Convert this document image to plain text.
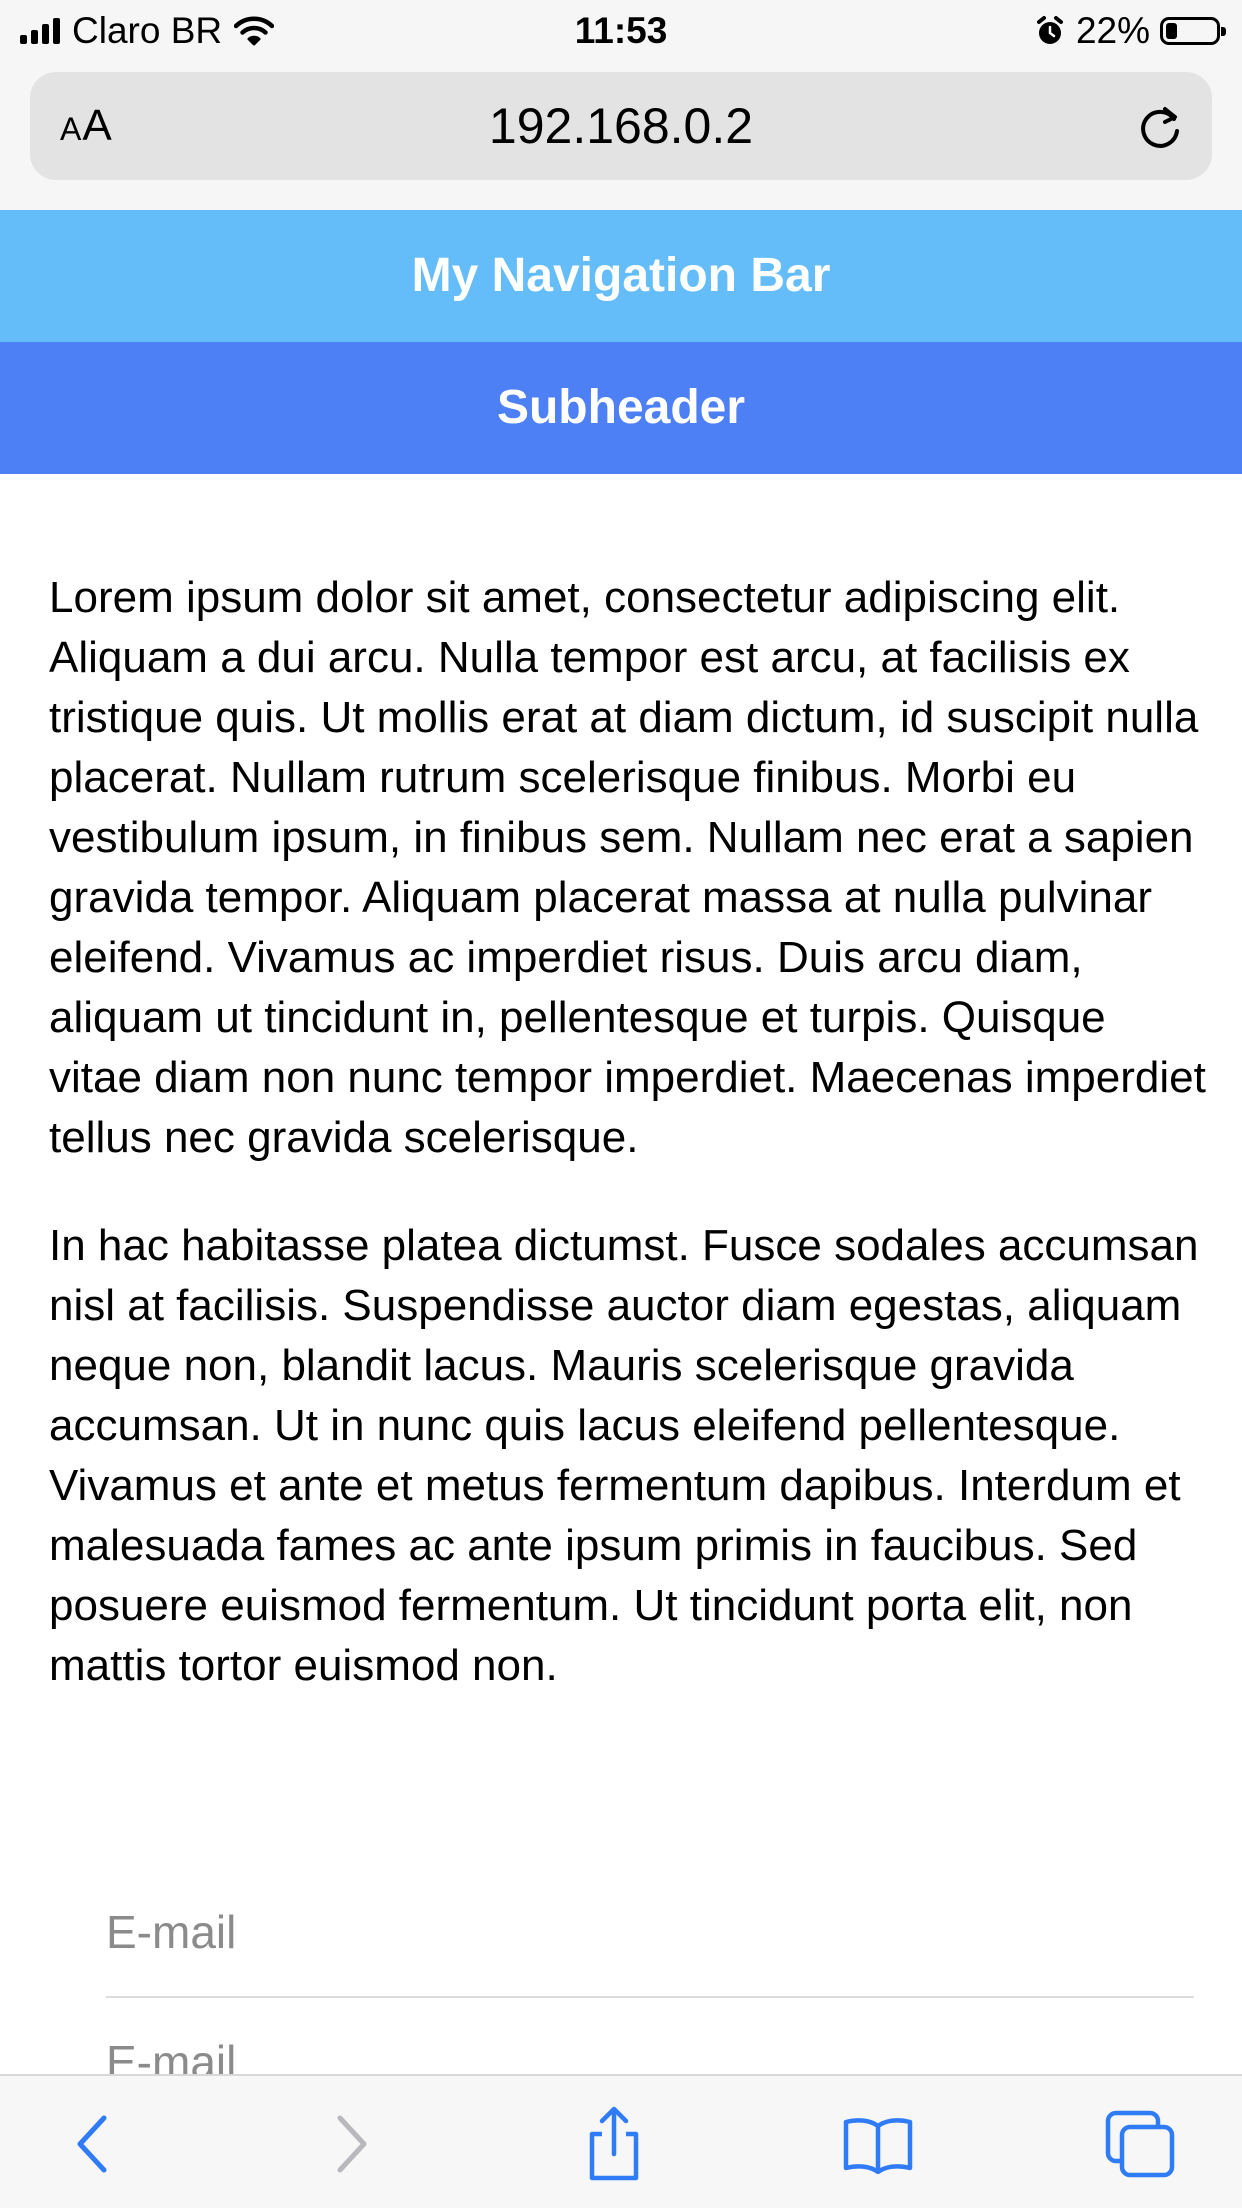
Claro BR	11:53	22%
AA	192.168.0.2
My Navigation Bar
Subheader

Lorem ipsum dolor sit amet, consectetur adipiscing elit. Aliquam a dui arcu. Nulla tempor est arcu, at facilisis ex tristique quis. Ut mollis erat at diam dictum, id suscipit nulla placerat. Nullam rutrum scelerisque finibus. Morbi eu vestibulum ipsum, in finibus sem. Nullam nec erat a sapien gravida tempor. Aliquam placerat massa at nulla pulvinar eleifend. Vivamus ac imperdiet risus. Duis arcu diam, aliquam ut tincidunt in, pellentesque et turpis. Quisque vitae diam non nunc tempor imperdiet. Maecenas imperdiet tellus nec gravida scelerisque.

In hac habitasse platea dictumst. Fusce sodales accumsan nisl at facilisis. Suspendisse auctor diam egestas, aliquam neque non, blandit lacus. Mauris scelerisque gravida accumsan. Ut in nunc quis lacus eleifend pellentesque. Vivamus et ante et metus fermentum dapibus. Interdum et malesuada fames ac ante ipsum primis in faucibus. Sed posuere euismod fermentum. Ut tincidunt porta elit, non mattis tortor euismod non.

E-mail
E-mail
